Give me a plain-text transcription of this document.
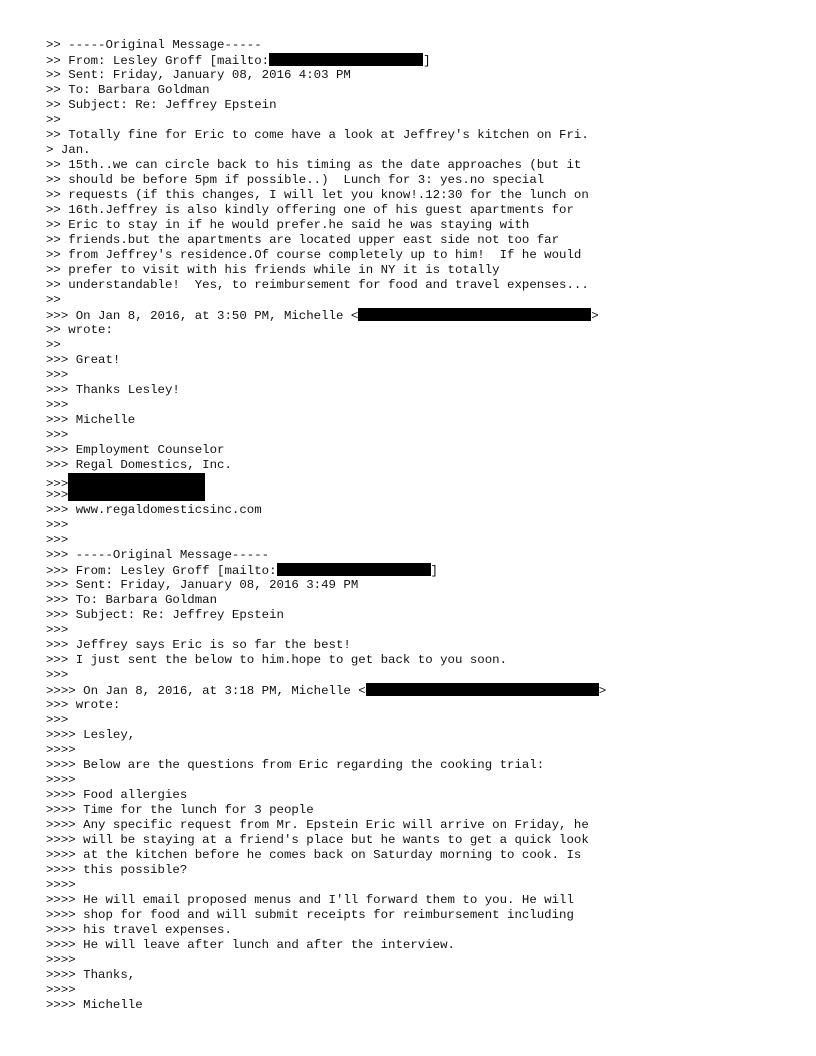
>> -----Original Message-----
>> From: Lesley Groff [mailto:	]
>> Sent: Friday, January 08, 2016 4:03 PM
>> To: Barbara Goldman
>> Subject: Re: Jeffrey Epstein
>>
>> Totally fine for Eric to come have a look at Jeffrey's kitchen on Fri.
> Jan.
>> 15th..we can circle back to his timing as the date approaches (but it
>> should be before 5pm if possible..)  Lunch for 3: yes.no special
>> requests (if this changes, I will let you know!.12:30 for the lunch on
>> 16th.Jeffrey is also kindly offering one of his guest apartments for
>> Eric to stay in if he would prefer.he said he was staying with
>> friends.but the apartments are located upper east side not too far
>> from Jeffrey's residence.Of course completely up to him!  If he would
>> prefer to visit with his friends while in NY it is totally
>> understandable!  Yes, to reimbursement for food and travel expenses...
>>
>>> On Jan 8, 2016, at 3:50 PM, Michelle <	>
>> wrote:
>>
>>> Great!
>>>
>>> Thanks Lesley!
>>>
>>> Michelle
>>>
>>> Employment Counselor
>>> Regal Domestics, Inc.
>>>
>>>
>>> www.regaldomesticsinc.com
>>>
>>>
>>> -----Original Message-----
>>> From: Lesley Groff [mailto:	]
>>> Sent: Friday, January 08, 2016 3:49 PM
>>> To: Barbara Goldman
>>> Subject: Re: Jeffrey Epstein
>>>
>>> Jeffrey says Eric is so far the best!
>>> I just sent the below to him.hope to get back to you soon.
>>>
>>>> On Jan 8, 2016, at 3:18 PM, Michelle <	>
>>> wrote:
>>>
>>>> Lesley,
>>>>
>>>> Below are the questions from Eric regarding the cooking trial:
>>>>
>>>> Food allergies
>>>> Time for the lunch for 3 people
>>>> Any specific request from Mr. Epstein Eric will arrive on Friday, he
>>>> will be staying at a friend's place but he wants to get a quick look
>>>> at the kitchen before he comes back on Saturday morning to cook. Is
>>>> this possible?
>>>>
>>>> He will email proposed menus and I'll forward them to you. He will
>>>> shop for food and will submit receipts for reimbursement including
>>>> his travel expenses.
>>>> He will leave after lunch and after the interview.
>>>>
>>>> Thanks,
>>>>
>>>> Michelle
